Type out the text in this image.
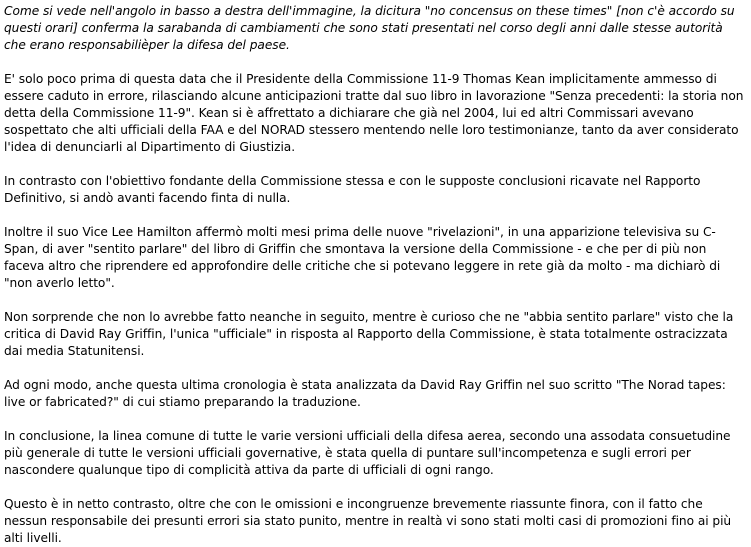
Come si vede nell'angolo in basso a destra dell'immagine, la dicitura "no concensus on these times" [non c'è accordo su questi orari] conferma la sarabanda di cambiamenti che sono stati presentati nel corso degli anni dalle stesse autorità che erano responsabilièper la difesa del paese.

E' solo poco prima di questa data che il Presidente della Commissione 11-9 Thomas Kean implicitamente ammesso di essere caduto in errore, rilasciando alcune anticipazioni tratte dal suo libro in lavorazione "Senza precedenti: la storia non detta della Commissione 11-9". Kean si è affrettato a dichiarare che già nel 2004, lui ed altri Commissari avevano sospettato che alti ufficiali della FAA e del NORAD stessero mentendo nelle loro testimonianze, tanto da aver considerato l'idea di denunciarli al Dipartimento di Giustizia.

In contrasto con l'obiettivo fondante della Commissione stessa e con le supposte conclusioni ricavate nel Rapporto Definitivo, si andò avanti facendo finta di nulla.

Inoltre il suo Vice Lee Hamilton affermò molti mesi prima delle nuove "rivelazioni", in una apparizione televisiva su C-Span, di aver "sentito parlare" del libro di Griffin che smontava la versione della Commissione - e che per di più non faceva altro che riprendere ed approfondire delle critiche che si potevano leggere in rete già da molto - ma dichiarò di "non averlo letto".

Non sorprende che non lo avrebbe fatto neanche in seguito, mentre è curioso che ne "abbia sentito parlare" visto che la critica di David Ray Griffin, l'unica "ufficiale" in risposta al Rapporto della Commissione, è stata totalmente ostracizzata dai media Statunitensi.

Ad ogni modo, anche questa ultima cronologia è stata analizzata da David Ray Griffin nel suo scritto "The Norad tapes: live or fabricated?" di cui stiamo preparando la traduzione.

In conclusione, la linea comune di tutte le varie versioni ufficiali della difesa aerea, secondo una assodata consuetudine più generale di tutte le versioni ufficiali governative, è stata quella di puntare sull'incompetenza e sugli errori per nascondere qualunque tipo di complicità attiva da parte di ufficiali di ogni rango.

Questo è in netto contrasto, oltre che con le omissioni e incongruenze brevemente riassunte finora, con il fatto che nessun responsabile dei presunti errori sia stato punito, mentre in realtà vi sono stati molti casi di promozioni fino ai più alti livelli.
